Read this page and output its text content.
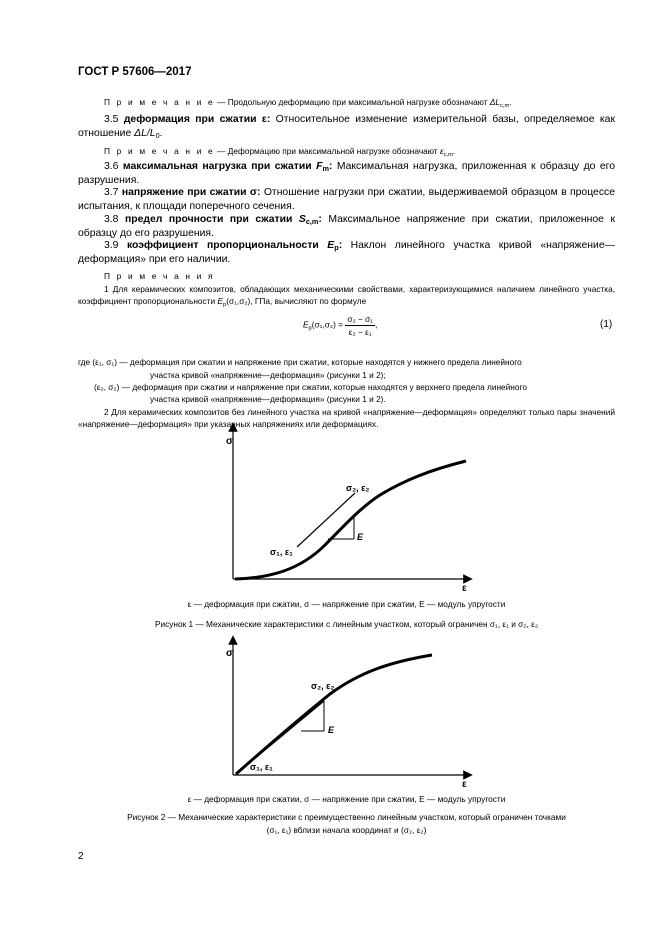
ГОСТ Р 57606—2017
П р и м е ч а н и е — Продольную деформацию при максимальной нагрузке обозначают $\Delta L_{c,m}$.
3.5 деформация при сжатии ε: Относительное изменение измерительной базы, определяемое как отношение $\Delta L/L_0$.
П р и м е ч а н и е — Деформацию при максимальной нагрузке обозначают $\varepsilon_{c,m}$.
3.6 максимальная нагрузка при сжатии $F_m$: Максимальная нагрузка, приложенная к образцу до его разрушения.
3.7 напряжение при сжатии σ: Отношение нагрузки при сжатии, выдерживаемой образцом в процессе испытания, к площади поперечного сечения.
3.8 предел прочности при сжатии $S_{c,m}$: Максимальное напряжение при сжатии, приложенное к образцу до его разрушения.
3.9 коэффициент пропорциональности $E_p$: Наклон линейного участка кривой «напряжение—деформация» при его наличии.
П р и м е ч а н и я
1 Для керамических композитов, обладающих механическими свойствами, характеризующимися наличием линейного участка, коэффициент пропорциональности $E_p(\sigma_1,\sigma_2)$, ГПа, вычисляют по формуле
$E_p(\sigma_1,\sigma_2) = \frac{\text{σ₂ − σ₁}}{\text{ε₂ − ε₁}}$ ,	(1)
где (ε₁, σ₁) — деформация при сжатии и напряжение при сжатии, которые находятся у нижнего предела линейного
участка кривой «напряжение—деформация» (рисунки 1 и 2);
(ε₂, σ₂) — деформация при сжатии и напряжение при сжатии, которые находятся у верхнего предела линейного
участка кривой «напряжение—деформация» (рисунки 1 и 2).
2 Для керамических композитов без линейного участка на кривой «напряжение—деформация» определяют только пары значений «напряжение—деформация» при указанных напряжениях или деформациях.
σ
ε
σ₂, ε₂
σ₁, ε₁
E
σ
ε
σ₂, ε₂
σ₁, ε₁
E
ε — деформация при сжатии, σ — напряжение при сжатии, E — модуль упругости
Рисунок 1 — Механические характеристики с линейным участком, который ограничен σ₁, ε₁ и σ₂, ε₂
ε — деформация при сжатии, σ — напряжение при сжатии, E — модуль упругости
Рисунок 2 — Механические характеристики с преимущественно линейным участком, который ограничен точками
(σ₁, ε₁) вблизи начала координат и (σ₂, ε₂)
2
